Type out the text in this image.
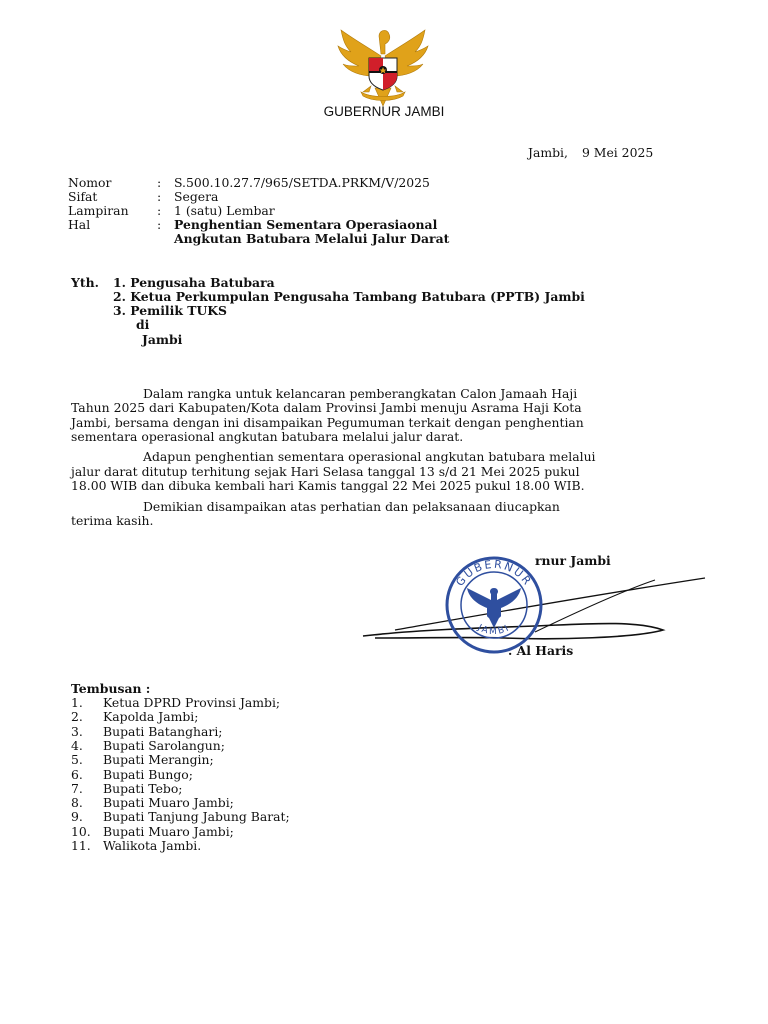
GUBERNUR JAMBI
Jambi, 9 Mei 2025
Nomor	: S.500.10.27.7/965/SETDA.PRKM/V/2025
Sifat	: Segera
Lampiran : 1 (satu) Lembar
Hal	: Penghentian Sementara Operasiaonal
Angkutan Batubara Melalui Jalur Darat
Yth. 1. Pengusaha Batubara
2. Ketua Perkumpulan Pengusaha Tambang Batubara (PPTB) Jambi
3. Pemilik TUKS
di
Jambi
Dalam rangka untuk kelancaran pemberangkatan Calon Jamaah Haji
Tahun 2025 dari Kabupaten/Kota dalam Provinsi Jambi menuju Asrama Haji Kota
Jambi, bersama dengan ini disampaikan Pegumuman terkait dengan penghentian
sementara operasional angkutan batubara melalui jalur darat.
Adapun penghentian sementara operasional angkutan batubara melalui
jalur darat ditutup terhitung sejak Hari Selasa tanggal 13 s/d 21 Mei 2025 pukul
18.00 WIB dan dibuka kembali hari Kamis tanggal 22 Mei 2025 pukul 18.00 WIB.
Demikian disampaikan atas perhatian dan pelaksanaan diucapkan
terima kasih.
rnur Jambi
GUBERNUR
JAMBI
. Al Haris
Tembusan :
1.	Ketua DPRD Provinsi Jambi;
2.	Kapolda Jambi;
3.	Bupati Batanghari;
4.	Bupati Sarolangun;
5.	Bupati Merangin;
6.	Bupati Bungo;
7.	Bupati Tebo;
8.	Bupati Muaro Jambi;
9.	Bupati Tanjung Jabung Barat;
10. Bupati Muaro Jambi;
11. Walikota Jambi.
